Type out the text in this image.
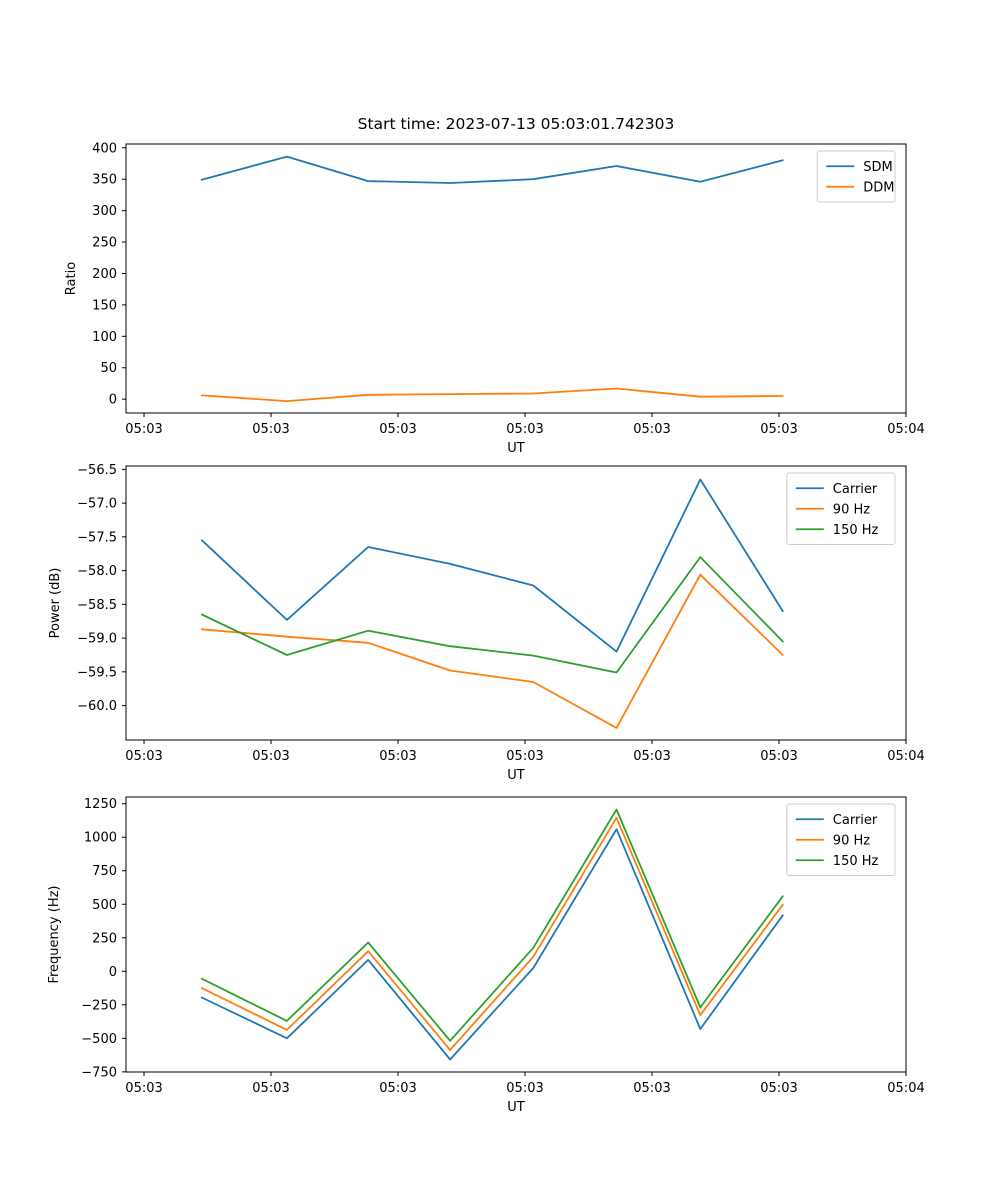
Start time: 2023-07-13 05:03:01.742303
05:03	05:03	05:03	05:03	05:03	05:03	05:04
0
50
100
150
200
250
300
350
400
UT
Ratio
SDM
DDM
05:03	05:03	05:03	05:03	05:03	05:03	05:04
−60.0
−59.5
−59.0
−58.5
−58.0
−57.5
−57.0
−56.5
UT
Power (dB)
Carrier
90 Hz
150 Hz
05:03	05:03	05:03	05:03	05:03	05:03	05:04
−750
−500
−250
0
250
500
750
1000
1250
UT
Frequency (Hz)
Carrier
90 Hz
150 Hz
